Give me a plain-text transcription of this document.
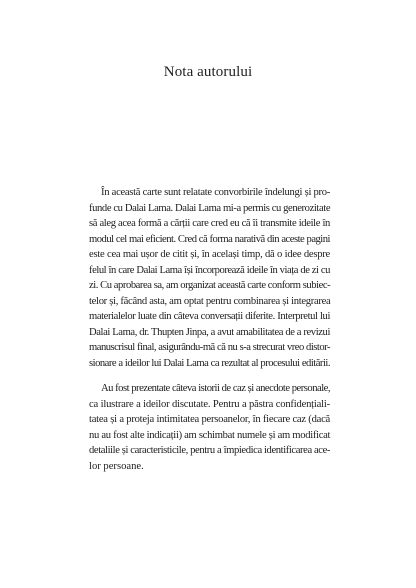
Nota autorului
În această carte sunt relatate convorbirile îndelungi și pro-
funde cu Dalai Lama. Dalai Lama mi-a permis cu generozitate
să aleg acea formă a cărții care cred eu că îi transmite ideile în
modul cel mai eficient. Cred că forma narativă din aceste pagini
este cea mai ușor de citit și, în același timp, dă o idee despre
felul în care Dalai Lama își încorporează ideile în viața de zi cu
zi. Cu aprobarea sa, am organizat această carte conform subiec-
telor și, făcând asta, am optat pentru combinarea și integrarea
materialelor luate din câteva conversații diferite. Interpretul lui
Dalai Lama, dr. Thupten Jinpa, a avut amabilitatea de a revizui
manuscrisul final, asigurându-mă că nu s-a strecurat vreo distor-
sionare a ideilor lui Dalai Lama ca rezultat al procesului editării.
Au fost prezentate câteva istorii de caz și anecdote personale,
ca ilustrare a ideilor discutate. Pentru a păstra confidențiali-
tatea și a proteja intimitatea persoanelor, în fiecare caz (dacă
nu au fost alte indicații) am schimbat numele și am modificat
detaliile și caracteristicile, pentru a împiedica identificarea ace-
lor persoane.
